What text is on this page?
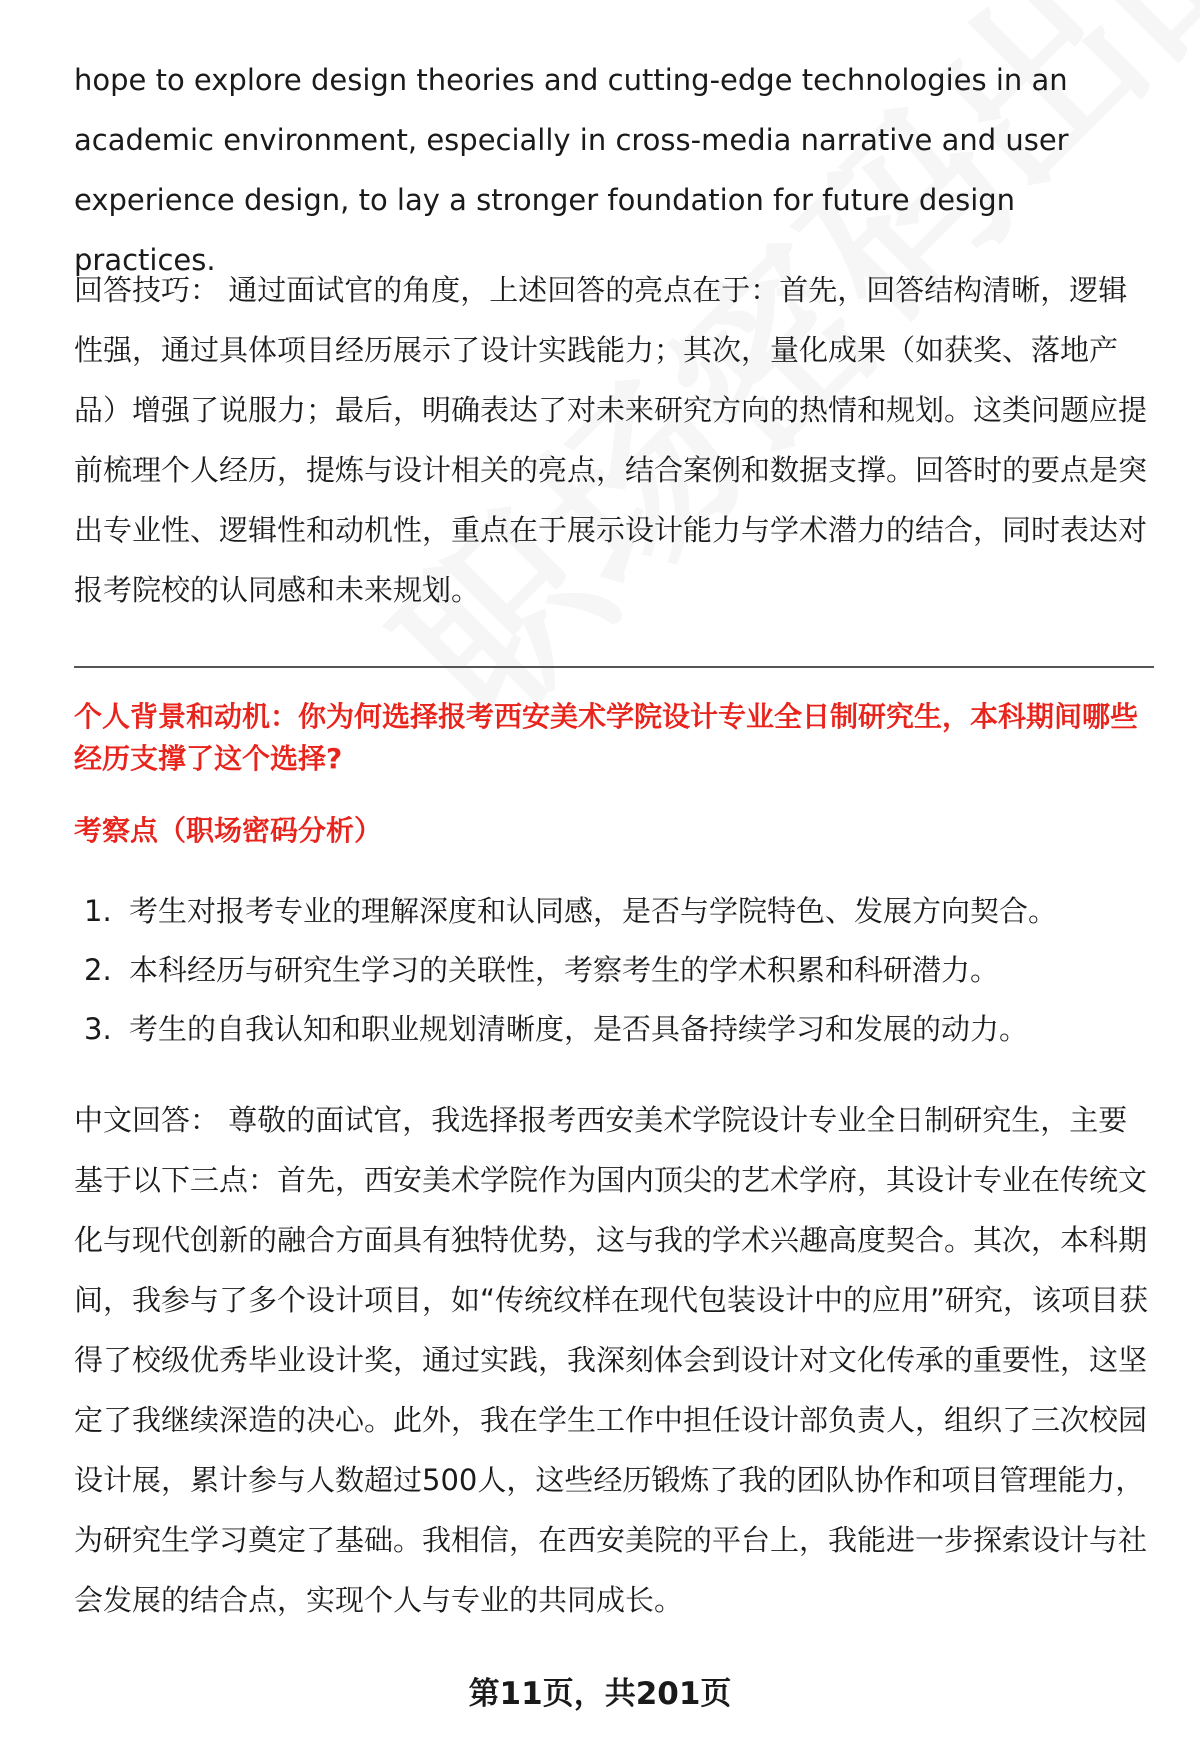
hope to explore design theories and cutting-edge technologies in an academic environment, especially in cross-media narrative and user experience design, to lay a stronger foundation for future design practices.

回答技巧： 通过面试官的角度，上述回答的亮点在于：首先，回答结构清晰，逻辑性强，通过具体项目经历展示了设计实践能力；其次，量化成果（如获奖、落地产品）增强了说服力；最后，明确表达了对未来研究方向的热情和规划。这类问题应提前梳理个人经历，提炼与设计相关的亮点，结合案例和数据支撑。回答时的要点是突出专业性、逻辑性和动机性，重点在于展示设计能力与学术潜力的结合，同时表达对报考院校的认同感和未来规划。

个人背景和动机：你为何选择报考西安美术学院设计专业全日制研究生，本科期间哪些经历支撑了这个选择?

考察点（职场密码分析）

1. 考生对报考专业的理解深度和认同感，是否与学院特色、发展方向契合。
2. 本科经历与研究生学习的关联性，考察考生的学术积累和科研潜力。
3. 考生的自我认知和职业规划清晰度，是否具备持续学习和发展的动力。

中文回答： 尊敬的面试官，我选择报考西安美术学院设计专业全日制研究生，主要基于以下三点：首先，西安美术学院作为国内顶尖的艺术学府，其设计专业在传统文化与现代创新的融合方面具有独特优势，这与我的学术兴趣高度契合。其次，本科期间，我参与了多个设计项目，如“传统纹样在现代包装设计中的应用”研究，该项目获得了校级优秀毕业设计奖，通过实践，我深刻体会到设计对文化传承的重要性，这坚定了我继续深造的决心。此外，我在学生工作中担任设计部负责人，组织了三次校园设计展，累计参与人数超过500人，这些经历锻炼了我的团队协作和项目管理能力，为研究生学习奠定了基础。我相信，在西安美院的平台上，我能进一步探索设计与社会发展的结合点，实现个人与专业的共同成长。

第11页，共201页
